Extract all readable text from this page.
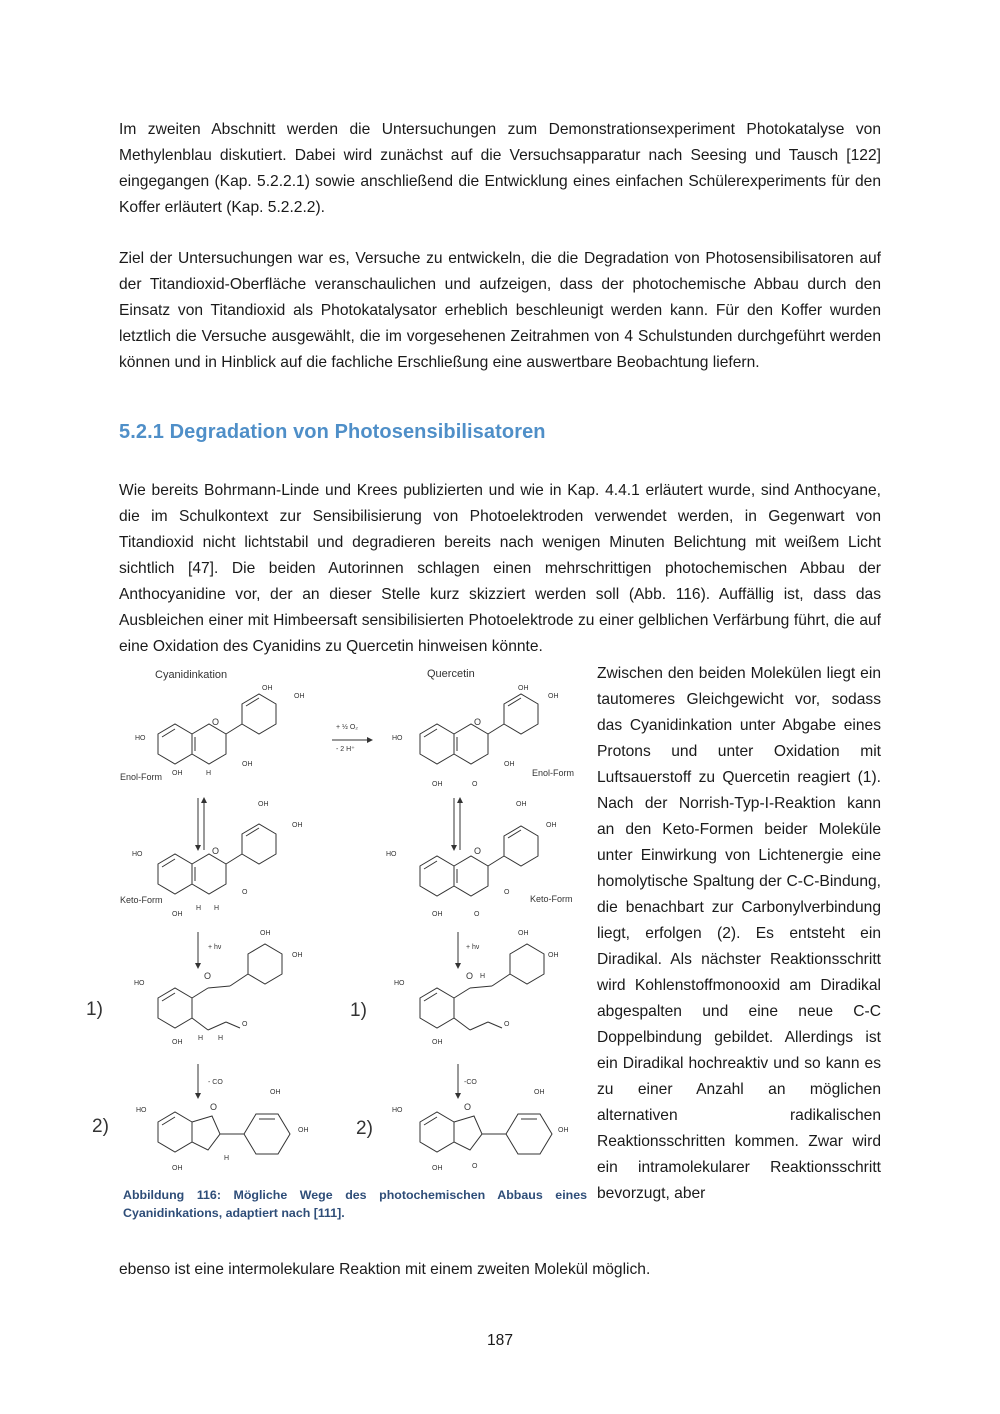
Im zweiten Abschnitt werden die Untersuchungen zum Demonstrationsexperiment Photokatalyse von Methylenblau diskutiert. Dabei wird zunächst auf die Versuchsapparatur nach Seesing und Tausch [122] eingegangen (Kap. 5.2.2.1) sowie anschließend die Entwicklung eines einfachen Schülerexperiments für den Koffer erläutert (Kap. 5.2.2.2).

Ziel der Untersuchungen war es, Versuche zu entwickeln, die die Degradation von Photosensibilisatoren auf der Titandioxid-Oberfläche veranschaulichen und aufzeigen, dass der photochemische Abbau durch den Einsatz von Titandioxid als Photokatalysator erheblich beschleunigt werden kann. Für den Koffer wurden letztlich die Versuche ausgewählt, die im vorgesehenen Zeitrahmen von 4 Schulstunden durchgeführt werden können und in Hinblick auf die fachliche Erschließung eine auswertbare Beobachtung liefern.

5.2.1 Degradation von Photosensibilisatoren

Wie bereits Bohrmann-Linde und Krees publizierten und wie in Kap. 4.4.1 erläutert wurde, sind Anthocyane, die im Schulkontext zur Sensibilisierung von Photoelektroden verwendet werden, in Gegenwart von Titandioxid nicht lichtstabil und degradieren bereits nach wenigen Minuten Belichtung mit weißem Licht sichtlich [47]. Die beiden Autorinnen schlagen einen mehrschrittigen photochemischen Abbau der Anthocyanidine vor, der an dieser Stelle kurz skizziert werden soll (Abb. 116). Auffällig ist, dass das Ausbleichen einer mit Himbeersaft sensibilisierten Photoelektrode zu einer gelblichen Verfärbung führt, die auf eine Oxidation des Cyanidins zu Quercetin hinweisen könnte.

Cyanidinkation	Quercetin
HO
OH
OH
O
OH
OH	H
Enol-Form
HO
OH
OH
O
OH
OH	O
Enol-Form
+ ½ O₂
- 2 H⁺
HO
OH
OH
O
O
OH
H H
Keto-Form
HO
OH
OH
O
O
OH	O
Keto-Form
+ hν	+ hν
1)	1)
HO
OH
OH
O
OH
H H
O
HO
OH
OH
O
OH
O
H
- CO	-CO
2)	2)
HO	O
OH
OH
OH
H
HO	O
OH
OH
OH	O

Abbildung 116: Mögliche Wege des photochemischen Abbaus eines Cyanidinkations, adaptiert nach [111].

Zwischen den beiden Molekülen liegt ein tautomeres Gleichgewicht vor, sodass das Cyanidinkation unter Abgabe eines Protons und unter Oxidation mit Luftsauerstoff zu Quercetin reagiert (1). Nach der Norrish-Typ-I-Reaktion kann an den Keto-Formen beider Moleküle unter Einwirkung von Lichtenergie eine homolytische Spaltung der C-C-Bindung, die benachbart zur Carbonylverbindung liegt, erfolgen (2). Es entsteht ein Diradikal. Als nächster Reaktionsschritt wird Kohlenstoffmonooxid am Diradikal abgespalten und eine neue C-C Doppelbindung gebildet. Allerdings ist ein Diradikal hochreaktiv und so kann es zu einer Anzahl an möglichen alternativen radikalischen Reaktionsschritten kommen. Zwar wird ein intramolekularer Reaktionsschritt bevorzugt, aber

ebenso ist eine intermolekulare Reaktion mit einem zweiten Molekül möglich.

187
